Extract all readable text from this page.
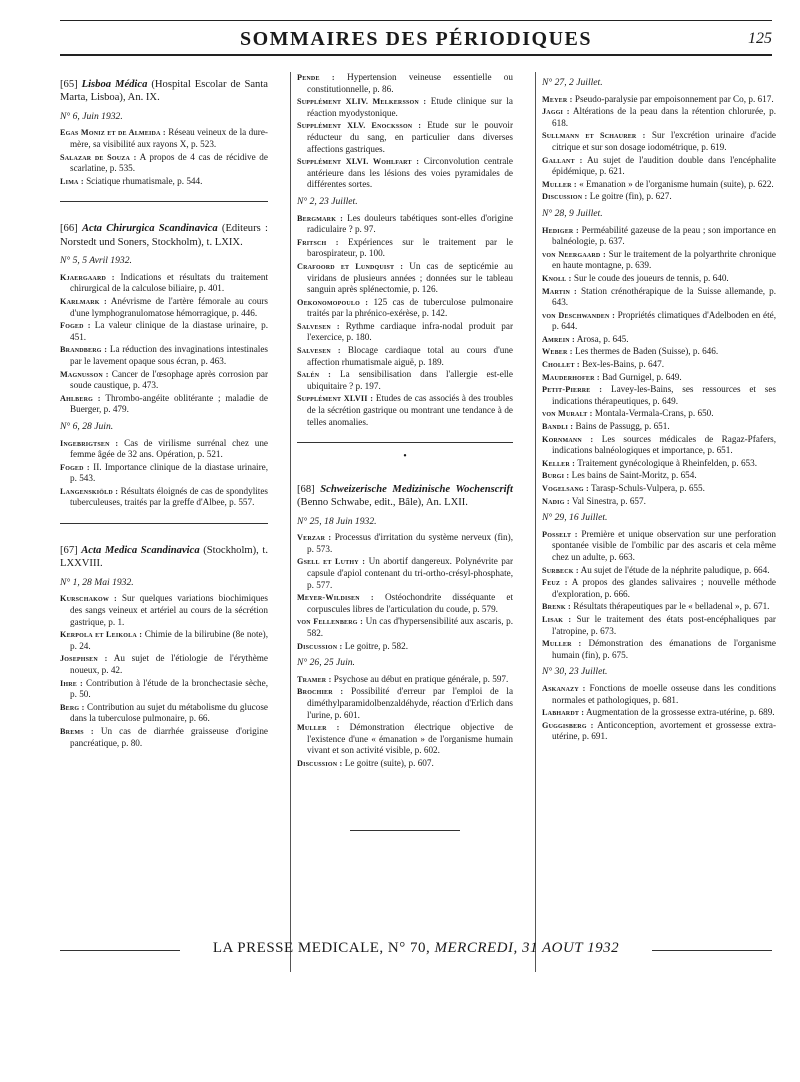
SOMMAIRES DES PÉRIODIQUES	125
[65] Lisboa Médica (Hospital Escolar de Santa Marta, Lisboa), An. IX.
N° 6, Juin 1932.
Egas Moniz et de Almeida : Réseau veineux de la dure-mère, sa visibilité aux rayons X, p. 523.
Salazar de Souza : A propos de 4 cas de récidive de scarlatine, p. 535.
Lima : Sciatique rhumatismale, p. 544.
[66] Acta Chirurgica Scandinavica (Editeurs : Norstedt und Soners, Stockholm), t. LXIX.
N° 5, 5 Avril 1932.
Kjaergaard : Indications et résultats du traitement chirurgical de la calculose biliaire, p. 401.
Karlmark : Anévrisme de l'artère fémorale au cours d'une lymphogranulomatose hémorragique, p. 446.
Foged : La valeur clinique de la diastase urinaire, p. 451.
Brandberg : La réduction des invaginations intestinales par le lavement opaque sous écran, p. 463.
Magnusson : Cancer de l'œsophage après corrosion par soude caustique, p. 473.
Ahlberg : Thrombo-angéite oblitérante ; maladie de Buerger, p. 479.
N° 6, 28 Juin.
Ingebrigtsen : Cas de virilisme surrénal chez une femme âgée de 32 ans. Opération, p. 521.
Foged : II. Importance clinique de la diastase urinaire, p. 543.
Langenskiöld : Résultats éloignés de cas de spondylites tuberculeuses, traités par la greffe d'Albee, p. 557.
[67] Acta Medica Scandinavica (Stockholm), t. LXXVIII.
N° 1, 28 Mai 1932.
Kurschakow : Sur quelques variations biochimiques des sangs veineux et artériel au cours de la sécrétion gastrique, p. 1.
Kerpola et Leikola : Chimie de la bilirubine (8e note), p. 24.
Josephsen : Au sujet de l'étiologie de l'érythème noueux, p. 42.
Ihre : Contribution à l'étude de la bronchectasie sèche, p. 50.
Berg : Contribution au sujet du métabolisme du glucose dans la tuberculose pulmonaire, p. 66.
Brems : Un cas de diarrhée graisseuse d'origine pancréatique, p. 80.
Pende : Hypertension veineuse essentielle ou constitutionnelle, p. 86.
Supplément XLIV. Melkersson : Etude clinique sur la réaction myodystonique.
Supplément XLV. Enocksson : Etude sur le pouvoir réducteur du sang, en particulier dans diverses affections gastriques.
Supplément XLVI. Wohlfart : Circonvolution centrale antérieure dans les lésions des voies pyramidales de différentes sortes.
N° 2, 23 Juillet.
Bergmark : Les douleurs tabétiques sont-elles d'origine radiculaire ? p. 97.
Fritsch : Expériences sur le traitement par le barospirateur, p. 100.
Crafoord et Lundquist : Un cas de septicémie au viridans de plusieurs années ; données sur le tableau sanguin après splénectomie, p. 126.
Oekonomopoulo : 125 cas de tuberculose pulmonaire traités par la phrénico-exérèse, p. 142.
Salvesen : Rythme cardiaque infra-nodal produit par l'exercice, p. 180.
Salvesen : Blocage cardiaque total au cours d'une affection rhumatismale aiguë, p. 189.
Salén : La sensibilisation dans l'allergie est-elle ubiquitaire ? p. 197.
Supplément XLVII : Etudes de cas associés à des troubles de la sécrétion gastrique ou montrant une tendance à de telles anomalies.
•
[68] Schweizerische Medizinische Wochenscrift (Benno Schwabe, edit., Bâle), An. LXII.
N° 25, 18 Juin 1932.
Verzar : Processus d'irritation du système nerveux (fin), p. 573.
Gsell et Luthy : Un abortif dangereux. Polynévrite par capsule d'apiol contenant du tri-ortho-crésyl-phosphate, p. 577.
Meyer-Wildisen : Ostéochondrite disséquante et corpuscules libres de l'articulation du coude, p. 579.
von Fellenberg : Un cas d'hypersensibilité aux ascaris, p. 582.
Discussion : Le goitre, p. 582.
N° 26, 25 Juin.
Tramer : Psychose au début en pratique générale, p. 597.
Brochier : Possibilité d'erreur par l'emploi de la diméthylparamidolbenzaldéhyde, réaction d'Erlich dans l'urine, p. 601.
Muller : Démonstration électrique objective de l'existence d'une « émanation » de l'organisme humain vivant et son activité visible, p. 602.
Discussion : Le goitre (suite), p. 607.
N° 27, 2 Juillet.
Meyer : Pseudo-paralysie par empoisonnement par Co, p. 617.
Jaggi : Altérations de la peau dans la rétention chlorurée, p. 618.
Sullmann et Schaurer : Sur l'excrétion urinaire d'acide citrique et sur son dosage iodométrique, p. 619.
Gallant : Au sujet de l'audition double dans l'encéphalite épidémique, p. 621.
Muller : « Emanation » de l'organisme humain (suite), p. 622.
Discussion : Le goitre (fin), p. 627.
N° 28, 9 Juillet.
Hediger : Perméabilité gazeuse de la peau ; son importance en balnéologie, p. 637.
von Neergaard : Sur le traitement de la polyarthrite chronique en haute montagne, p. 639.
Knoll : Sur le coude des joueurs de tennis, p. 640.
Martin : Station crénothérapique de la Suisse allemande, p. 643.
von Deschwanden : Propriétés climatiques d'Adelboden en été, p. 644.
Amrein : Arosa, p. 645.
Weber : Les thermes de Baden (Suisse), p. 646.
Chollet : Bex-les-Bains, p. 647.
Mauderhofer : Bad Gurnigel, p. 649.
Petit-Pierre : Lavey-les-Bains, ses ressources et ses indications thérapeutiques, p. 649.
von Muralt : Montala-Vermala-Crans, p. 650.
Bandli : Bains de Passugg, p. 651.
Kornmann : Les sources médicales de Ragaz-Pfafers, indications balnéologiques et importance, p. 651.
Keller : Traitement gynécologique à Rheinfelden, p. 653.
Burgi : Les bains de Saint-Moritz, p. 654.
Vogelsang : Tarasp-Schuls-Vulpera, p. 655.
Nadig : Val Sinestra, p. 657.
N° 29, 16 Juillet.
Posselt : Première et unique observation sur une perforation spontanée visible de l'ombilic par des ascaris et cela même chez un adulte, p. 663.
Surbeck : Au sujet de l'étude de la néphrite paludique, p. 664.
Feuz : A propos des glandes salivaires ; nouvelle méthode d'exploration, p. 666.
Brenk : Résultats thérapeutiques par le « belladenal », p. 671.
Lisak : Sur le traitement des états post-encéphaliques par l'atropine, p. 673.
Muller : Démonstration des émanations de l'organisme humain (fin), p. 675.
N° 30, 23 Juillet.
Askanazy : Fonctions de moelle osseuse dans les conditions normales et pathologiques, p. 681.
Labhardt : Augmentation de la grossesse extra-utérine, p. 689.
Guggisberg : Anticonception, avortement et grossesse extra-utérine, p. 691.
LA PRESSE MEDICALE, N° 70, MERCREDI, 31 AOUT 1932
